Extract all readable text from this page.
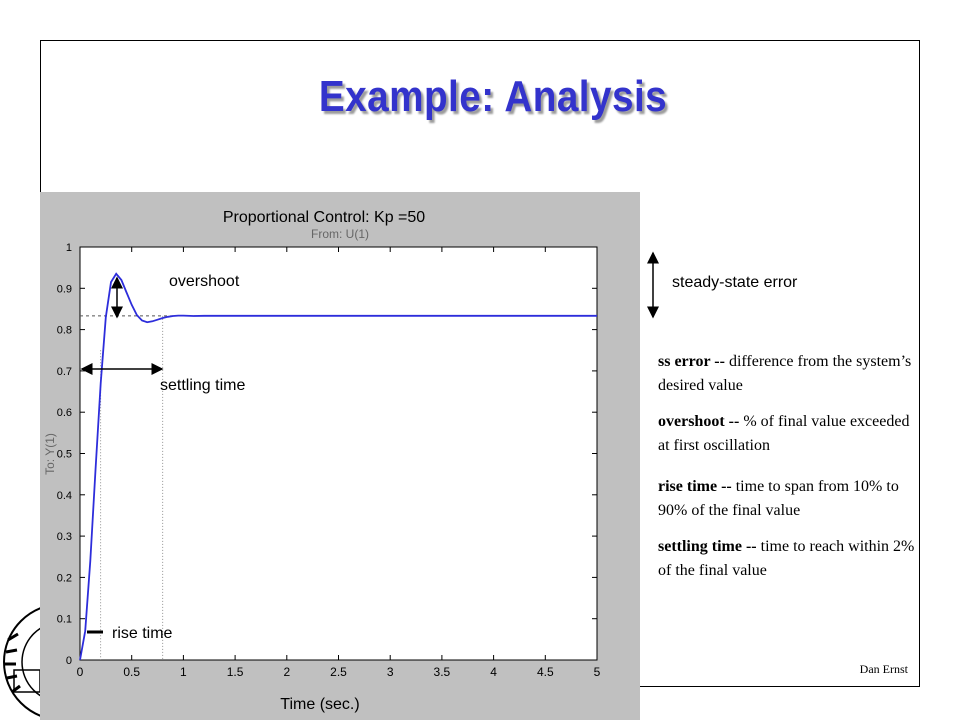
Example: Analysis
Proportional Control: Kp =50
From: U(1)
Time (sec.)
To: Y(1)
0	0.5	1	1.5	2	2.5	3	3.5	4	4.5	5
0
0.1
0.2
0.3
0.4
0.5
0.6
0.7
0.8
0.9
1
overshoot
settling time
rise time
steady-state error
ss error -- difference from the system’s desired value
overshoot -- % of final value exceeded at first oscillation
rise time -- time to span from 10% to 90% of the final value
settling time -- time to reach within 2% of the final value
Dan Ernst
